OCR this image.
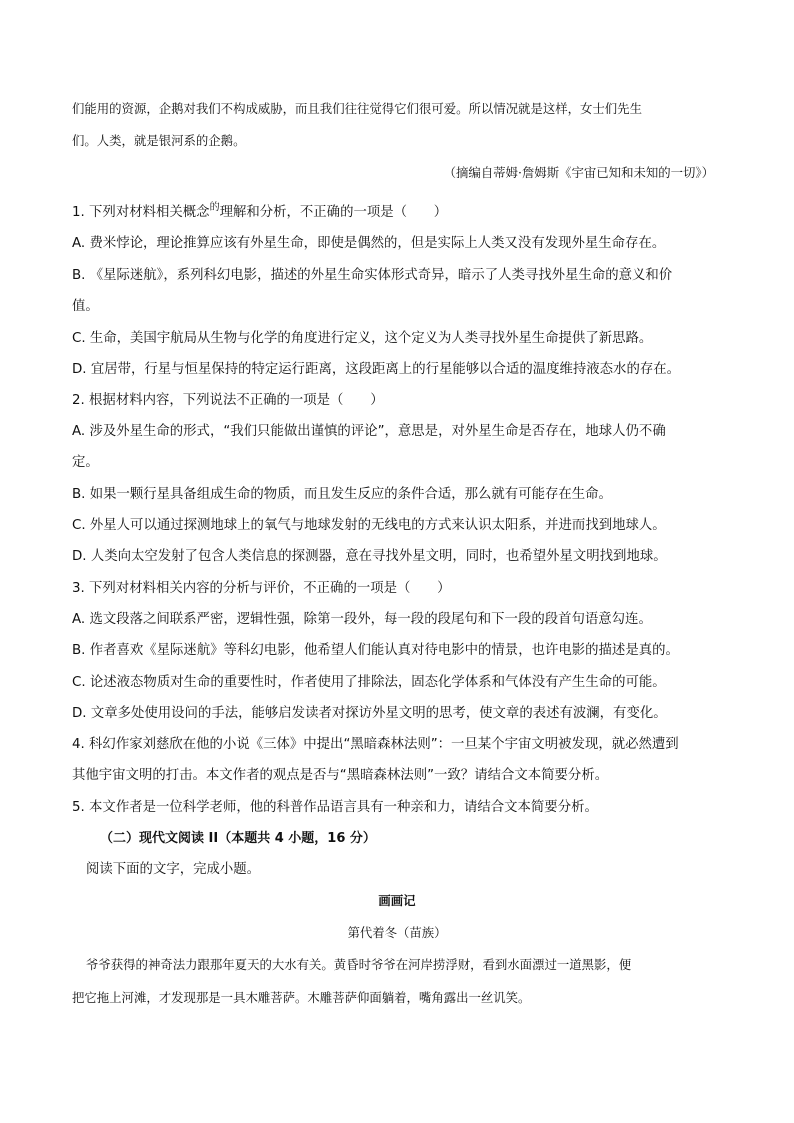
们能用的资源，企鹅对我们不构成威胁，而且我们往往觉得它们很可爱。所以情况就是这样，女士们先生
们。人类，就是银河系的企鹅。
（摘编自蒂姆·詹姆斯《宇宙已知和未知的一切》）
1. 下列对材料相关概念的理解和分析，不正确的一项是（　　）
A. 费米悖论，理论推算应该有外星生命，即使是偶然的，但是实际上人类又没有发现外星生命存在。
B. 《星际迷航》，系列科幻电影，描述的外星生命实体形式奇异，暗示了人类寻找外星生命的意义和价
值。
C. 生命，美国宇航局从生物与化学的角度进行定义，这个定义为人类寻找外星生命提供了新思路。
D. 宜居带，行星与恒星保持的特定运行距离，这段距离上的行星能够以合适的温度维持液态水的存在。
2. 根据材料内容，下列说法不正确的一项是（　　）
A. 涉及外星生命的形式，“我们只能做出谨慎的评论”，意思是，对外星生命是否存在，地球人仍不确
定。
B. 如果一颗行星具备组成生命的物质，而且发生反应的条件合适，那么就有可能存在生命。
C. 外星人可以通过探测地球上的氧气与地球发射的无线电的方式来认识太阳系，并进而找到地球人。
D. 人类向太空发射了包含人类信息的探测器，意在寻找外星文明，同时，也希望外星文明找到地球。
3. 下列对材料相关内容的分析与评价，不正确的一项是（　　）
A. 选文段落之间联系严密，逻辑性强，除第一段外，每一段的段尾句和下一段的段首句语意勾连。
B. 作者喜欢《星际迷航》等科幻电影，他希望人们能认真对待电影中的情景，也许电影的描述是真的。
C. 论述液态物质对生命的重要性时，作者使用了排除法，固态化学体系和气体没有产生生命的可能。
D. 文章多处使用设问的手法，能够启发读者对探访外星文明的思考，使文章的表述有波澜，有变化。
4. 科幻作家刘慈欣在他的小说《三体》中提出“黑暗森林法则”：一旦某个宇宙文明被发现，就必然遭到
其他宇宙文明的打击。本文作者的观点是否与“黑暗森林法则”一致？请结合文本简要分析。
5. 本文作者是一位科学老师，他的科普作品语言具有一种亲和力，请结合文本简要分析。
（二）现代文阅读 II（本题共 4 小题，16 分）
阅读下面的文字，完成小题。
画画记
第代着冬（苗族）
爷爷获得的神奇法力跟那年夏天的大水有关。黄昏时爷爷在河岸捞浮财，看到水面漂过一道黑影，便
把它拖上河滩，才发现那是一具木雕菩萨。木雕菩萨仰面躺着，嘴角露出一丝讥笑。
